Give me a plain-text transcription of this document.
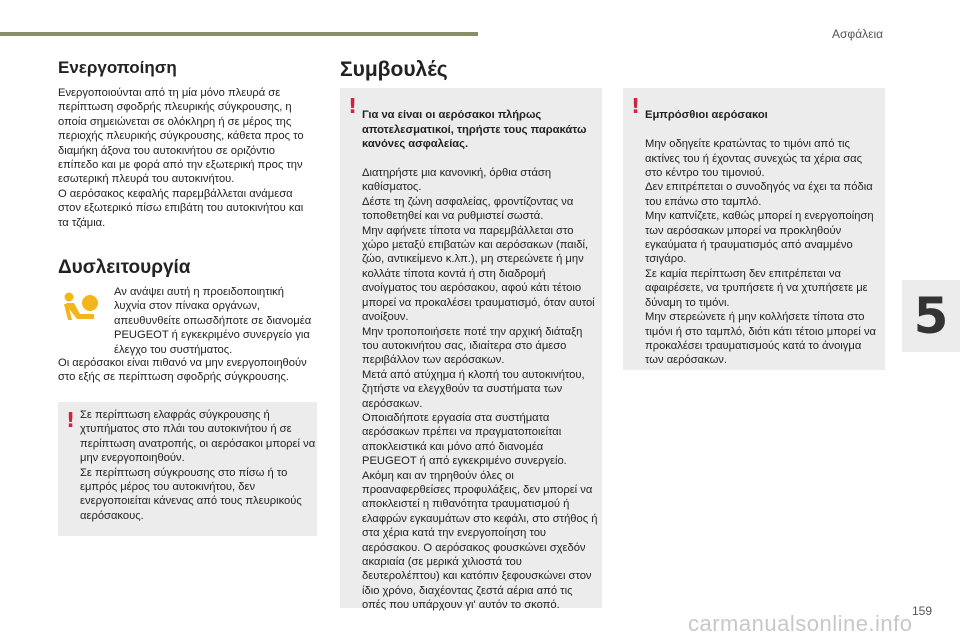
Ασφάλεια
5
Ενεργοποίηση
Ενεργοποιούνται από τη μία μόνο πλευρά σε περίπτωση σφοδρής πλευρικής σύγκρουσης, η οποία σημειώνεται σε ολόκληρη ή σε μέρος της περιοχής πλευρικής σύγκρουσης, κάθετα προς το διαμήκη άξονα του αυτοκινήτου σε οριζόντιο επίπεδο και με φορά από την εξωτερική προς την εσωτερική πλευρά του αυτοκινήτου.
Ο αερόσακος κεφαλής παρεμβάλλεται ανάμεσα στον εξωτερικό πίσω επιβάτη του αυτοκινήτου και τα τζάμια.
Δυσλειτουργία
Αν ανάψει αυτή η προειδοποιητική λυχνία στον πίνακα οργάνων, απευθυνθείτε οπωσδήποτε σε διανομέα PEUGEOT ή εγκεκριμένο συνεργείο για έλεγχο του συστήματος.
Οι αερόσακοι είναι πιθανό να μην ενεργοποιηθούν στο εξής σε περίπτωση σφοδρής σύγκρουσης.
! Σε περίπτωση ελαφράς σύγκρουσης ή χτυπήματος στο πλάι του αυτοκινήτου ή σε περίπτωση ανατροπής, οι αερόσακοι μπορεί να μην ενεργοποιηθούν.
Σε περίπτωση σύγκρουσης στο πίσω ή το εμπρός μέρος του αυτοκινήτου, δεν ενεργοποιείται κάνενας από τους πλευρικούς αερόσακους.
Συμβουλές
! Για να είναι οι αερόσακοι πλήρως αποτελεσματικοί, τηρήστε τους παρακάτω κανόνες ασφαλείας.

Διατηρήστε μια κανονική, όρθια στάση καθίσματος.
Δέστε τη ζώνη ασφαλείας, φροντίζοντας να τοποθετηθεί και να ρυθμιστεί σωστά.
Μην αφήνετε τίποτα να παρεμβάλλεται στο χώρο μεταξύ επιβατών και αερόσακων (παιδί, ζώο, αντικείμενο κ.λπ.), μη στερεώνετε ή μην κολλάτε τίποτα κοντά ή στη διαδρομή ανοίγματος του αερόσακου, αφού κάτι τέτοιο μπορεί να προκαλέσει τραυματισμό, όταν αυτοί ανοίξουν.
Μην τροποποιήσετε ποτέ την αρχική διάταξη του αυτοκινήτου σας, ιδιαίτερα στο άμεσο περιβάλλον των αερόσακων.
Μετά από ατύχημα ή κλοπή του αυτοκινήτου, ζητήστε να ελεγχθούν τα συστήματα των αερόσακων.
Οποιαδήποτε εργασία στα συστήματα αερόσακων πρέπει να πραγματοποιείται αποκλειστικά και μόνο από διανομέα PEUGEOT ή από εγκεκριμένο συνεργείο.
Ακόμη και αν τηρηθούν όλες οι προαναφερθείσες προφυλάξεις, δεν μπορεί να αποκλειστεί η πιθανότητα τραυματισμού ή ελαφρών εγκαυμάτων στο κεφάλι, στο στήθος ή στα χέρια κατά την ενεργοποίηση του αερόσακου. Ο αερόσακος φουσκώνει σχεδόν ακαριαία (σε μερικά χιλιοστά του δευτερολέπτου) και κατόπιν ξεφουσκώνει στον ίδιο χρόνο, διαχέοντας ζεστά αέρια από τις οπές που υπάρχουν γι' αυτόν το σκοπό.

! Εμπρόσθιοι αερόσακοι

Μην οδηγείτε κρατώντας το τιμόνι από τις ακτίνες του ή έχοντας συνεχώς τα χέρια σας στο κέντρο του τιμονιού.
Δεν επιτρέπεται ο συνοδηγός να έχει τα πόδια του επάνω στο ταμπλό.
Μην καπνίζετε, καθώς μπορεί η ενεργοποίηση των αερόσακων μπορεί να προκληθούν εγκαύματα ή τραυματισμός από αναμμένο τσιγάρο.
Σε καμία περίπτωση δεν επιτρέπεται να αφαιρέσετε, να τρυπήσετε ή να χτυπήσετε με δύναμη το τιμόνι.
Μην στερεώνετε ή μην κολλήσετε τίποτα στο τιμόνι ή στο ταμπλό, διότι κάτι τέτοιο μπορεί να προκαλέσει τραυματισμούς κατά το άνοιγμα των αερόσακων.

carmanualsonline.info 159
